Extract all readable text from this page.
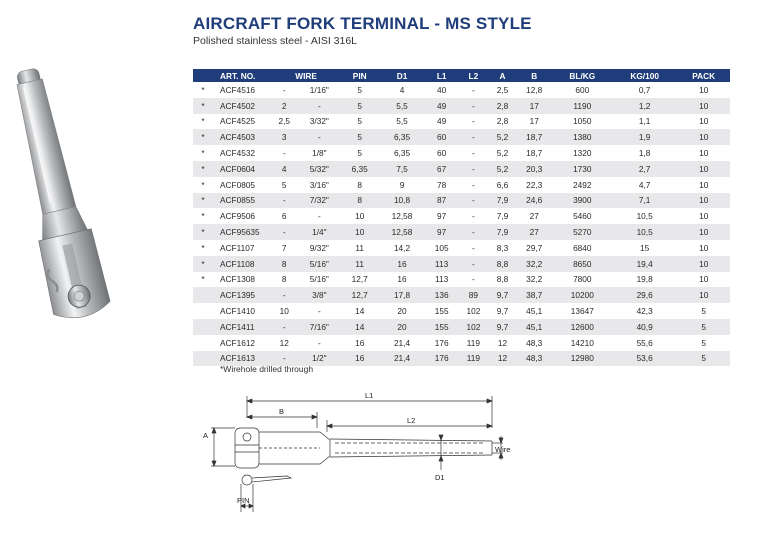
AIRCRAFT FORK TERMINAL - MS STYLE
Polished stainless steel - AISI 316L
	ART. NO.	WIRE		PIN	D1	L1	L2	A	B	BL/KG	KG/100	PACK
*	ACF4516	-	1/16"	5	4	40	-	2,5	12,8	600	0,7	10
*	ACF4502	2	-	5	5,5	49	-	2,8	17	1190	1,2	10
*	ACF4525	2,5	3/32"	5	5,5	49	-	2,8	17	1050	1,1	10
*	ACF4503	3	-	5	6,35	60	-	5,2	18,7	1380	1,9	10
*	ACF4532	-	1/8"	5	6,35	60	-	5,2	18,7	1320	1,8	10
*	ACF0604	4	5/32"	6,35	7,5	67	-	5,2	20,3	1730	2,7	10
*	ACF0805	5	3/16"	8	9	78	-	6,6	22,3	2492	4,7	10
*	ACF0855	-	7/32"	8	10,8	87	-	7,9	24,6	3900	7,1	10
*	ACF9506	6	-	10	12,58	97	-	7,9	27	5460	10,5	10
*	ACF95635	-	1/4"	10	12,58	97	-	7,9	27	5270	10,5	10
*	ACF1107	7	9/32"	11	14,2	105	-	8,3	29,7	6840	15	10
*	ACF1108	8	5/16"	11	16	113	-	8,8	32,2	8650	19,4	10
*	ACF1308	8	5/16"	12,7	16	113	-	8,8	32,2	7800	19,8	10
	ACF1395	-	3/8"	12,7	17,8	136	89	9,7	38,7	10200	29,6	10
	ACF1410	10	-	14	20	155	102	9,7	45,1	13647	42,3	5
	ACF1411	-	7/16"	14	20	155	102	9,7	45,1	12600	40,9	5
	ACF1612	12	-	16	21,4	176	119	12	48,3	14210	55,6	5
	ACF1613	-	1/2"	16	21,4	176	119	12	48,3	12980	53,6	5
*Wirehole drilled through
L1
B
L2
A
Wire
D1
PIN
